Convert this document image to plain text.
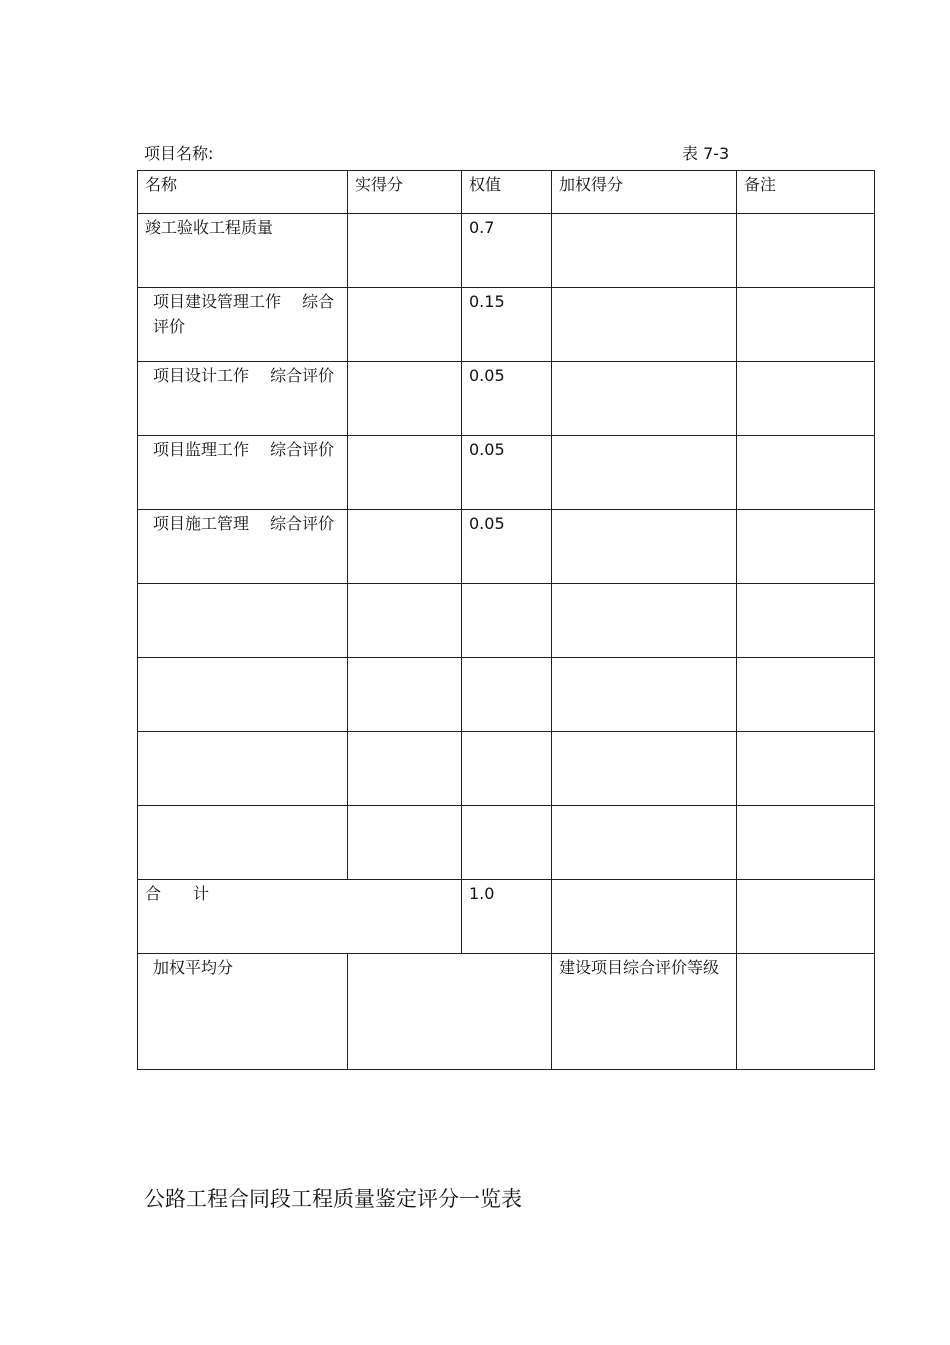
项目名称:	表 7-3
名称	实得分	权值	加权得分	备注

竣工验收工程质量		0.7		

项目建设管理工作　 综合评价		0.15		

项目设计工作　 综合评价		0.05		

项目监理工作　 综合评价		0.05		

项目施工管理　 综合评价		0.05		

合　　计		1.0		

加权平均分			建设项目综合评价等级	

公路工程合同段工程质量鉴定评分一览表
